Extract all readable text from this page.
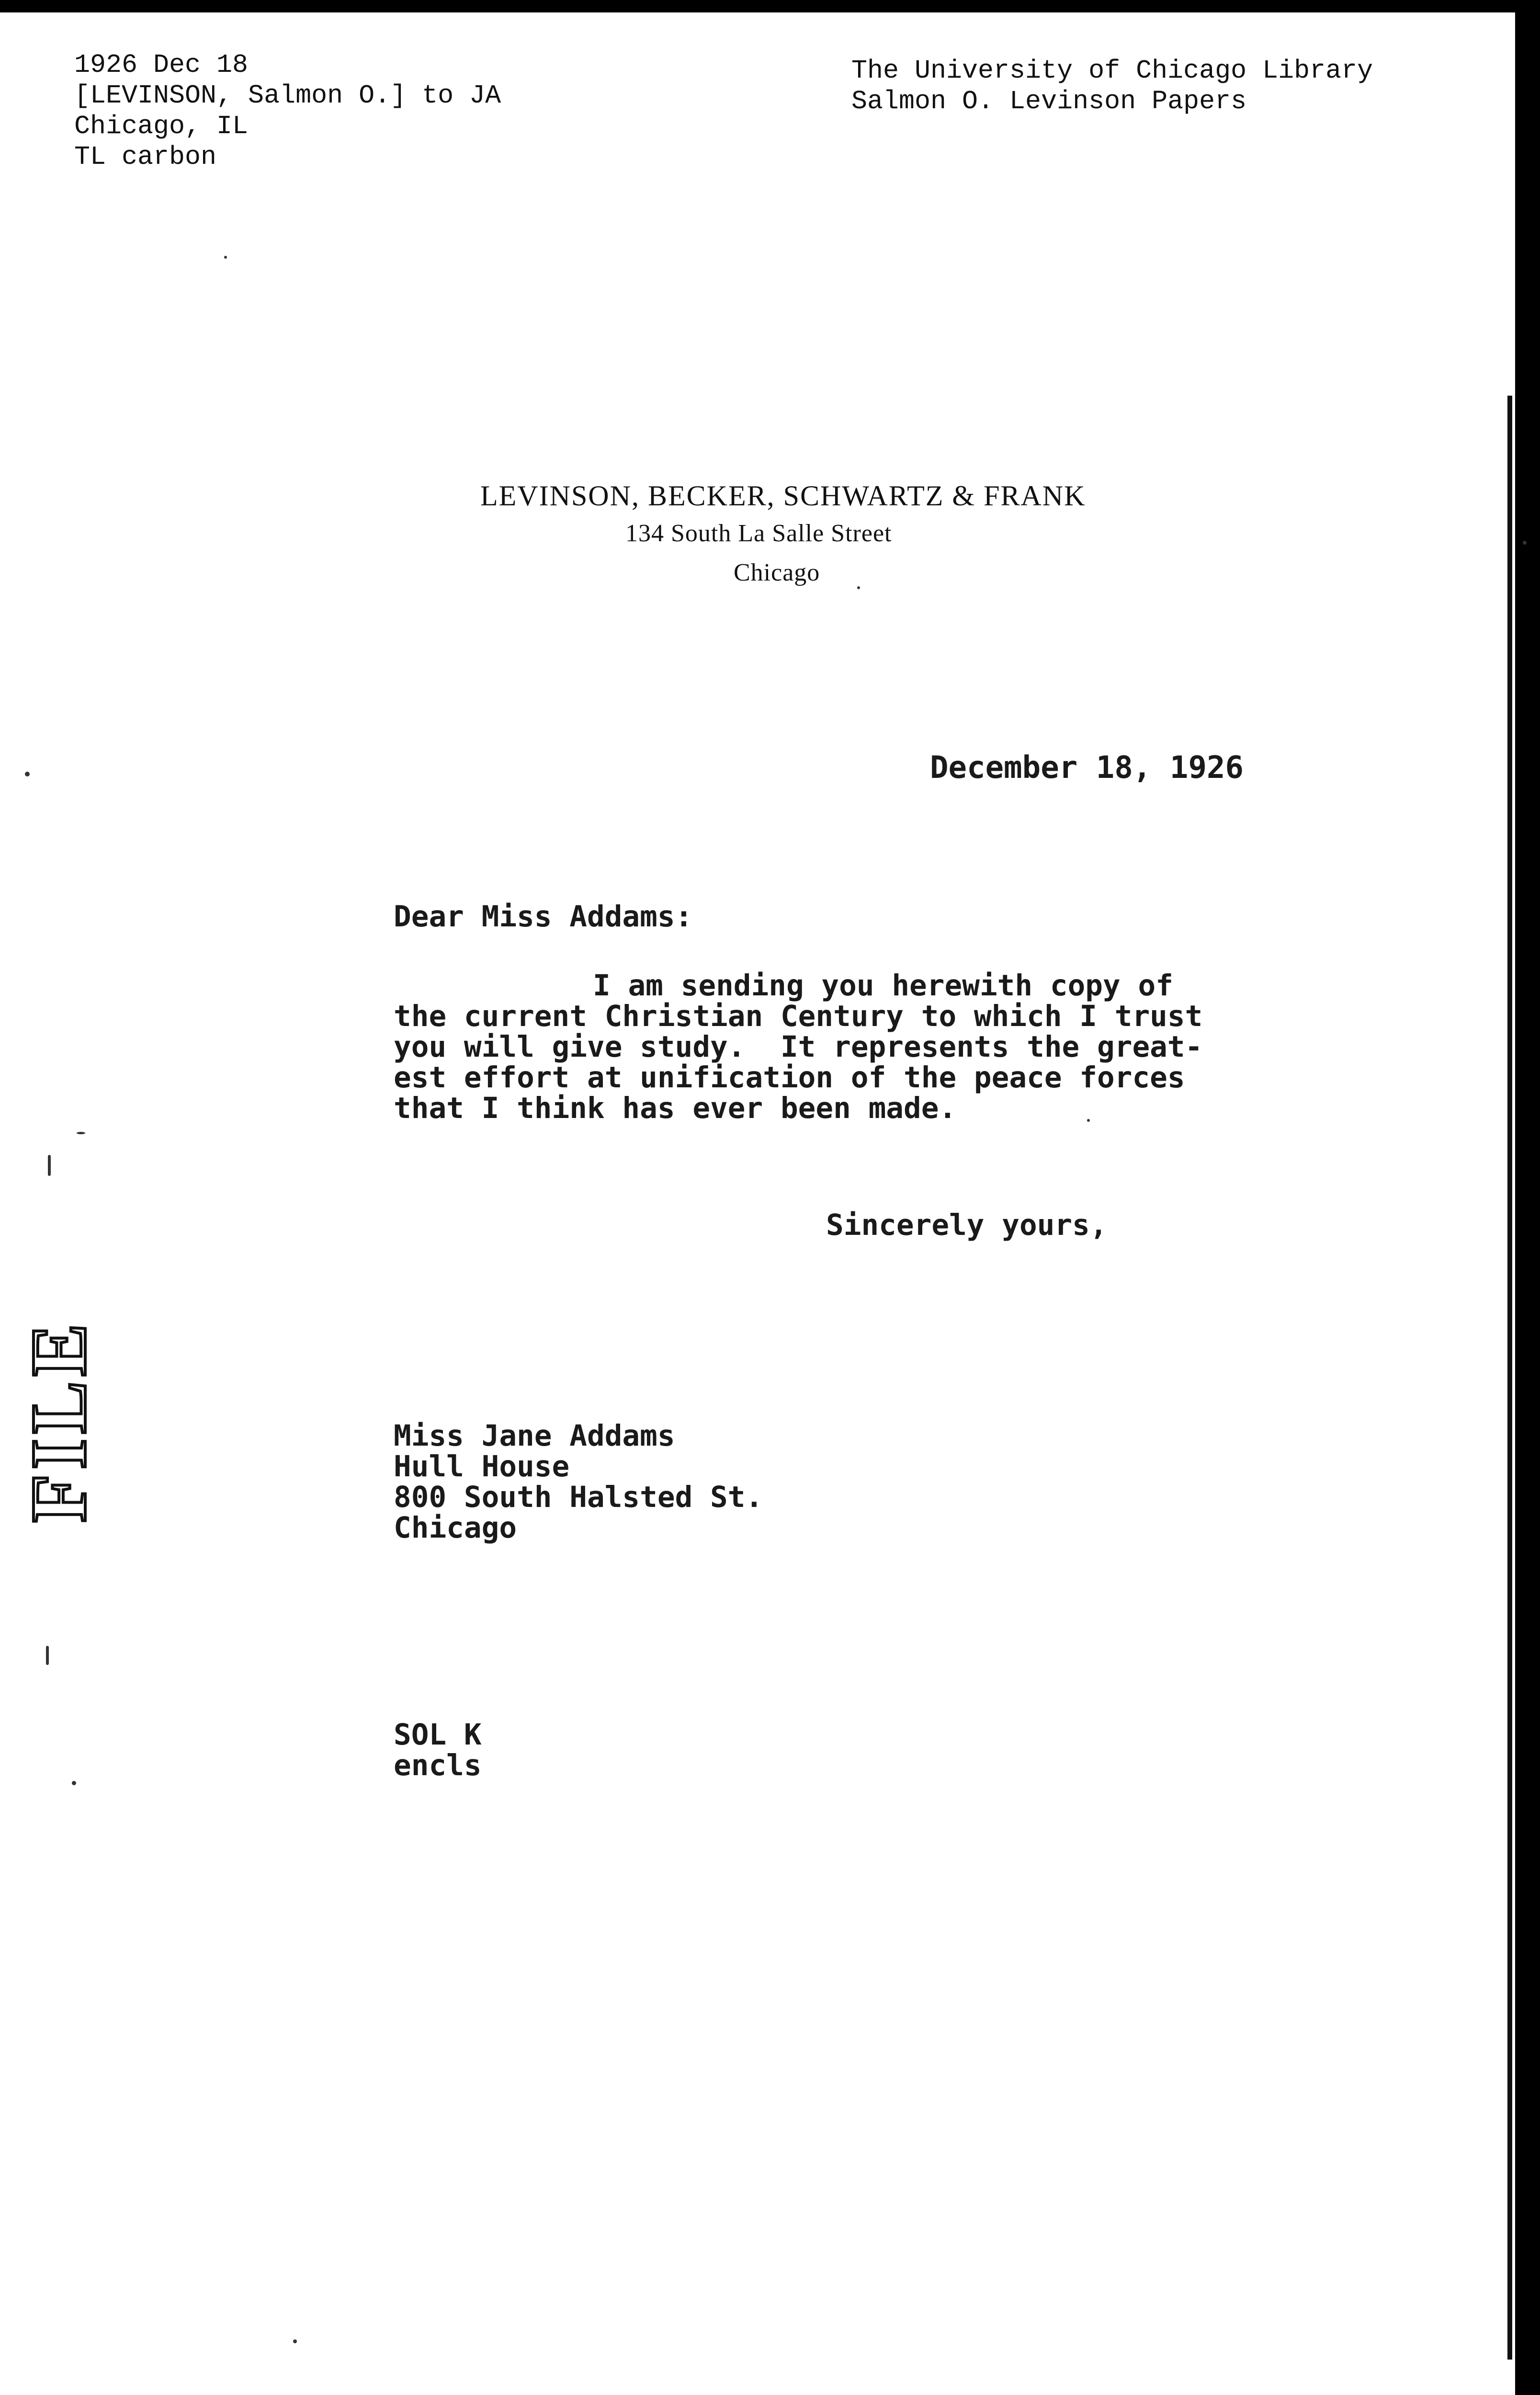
1926 Dec 18
[LEVINSON, Salmon O.] to JA
Chicago, IL
TL carbon
The University of Chicago Library
Salmon O. Levinson Papers
LEVINSON, BECKER, SCHWARTZ & FRANK
134 South La Salle Street
Chicago
December 18, 1926
Dear Miss Addams:
I am sending you herewith copy of
the current Christian Century to which I trust
you will give study.  It represents the great-
est effort at unification of the peace forces
that I think has ever been made.
Sincerely yours,
Miss Jane Addams
Hull House
800 South Halsted St.
Chicago
SOL K
encls
FILE
